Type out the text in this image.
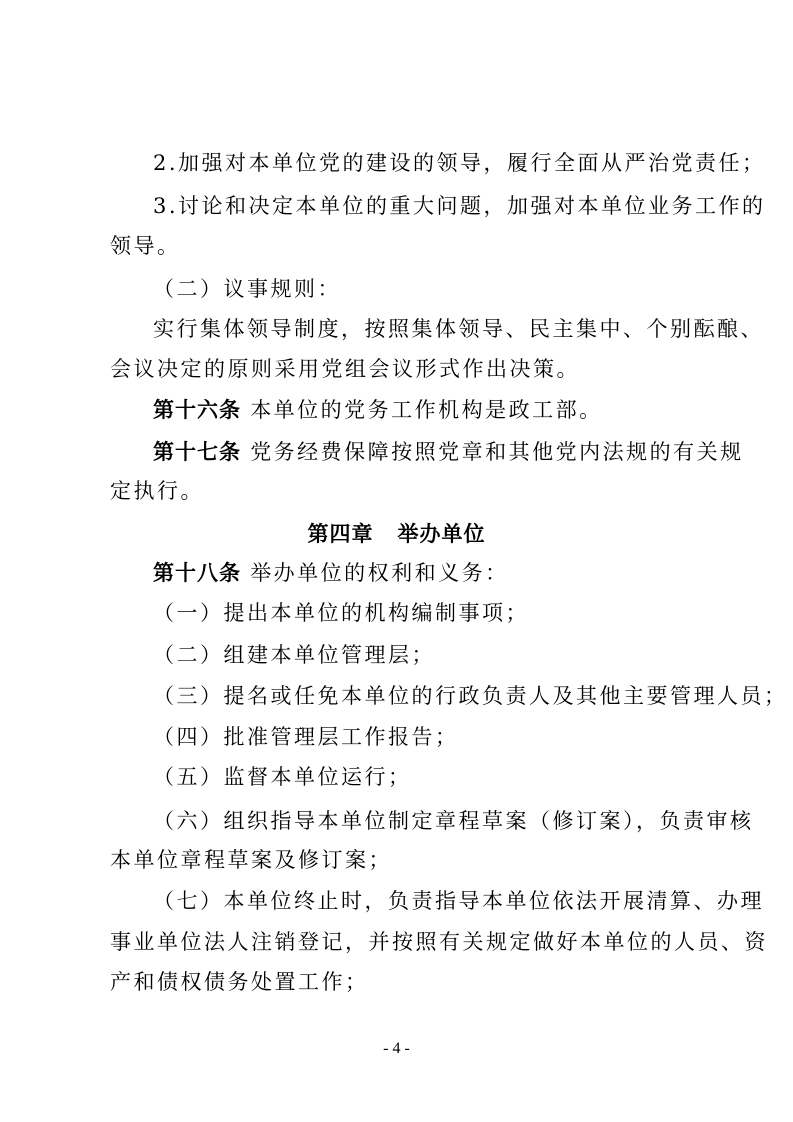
2.加强对本单位党的建设的领导，履行全面从严治党责任；
3.讨论和决定本单位的重大问题，加强对本单位业务工作的
领导。
（二）议事规则：
实行集体领导制度，按照集体领导、民主集中、个别酝酿、
会议决定的原则采用党组会议形式作出决策。
第十六条 本单位的党务工作机构是政工部。
第十七条 党务经费保障按照党章和其他党内法规的有关规
定执行。
第四章 举办单位
第十八条 举办单位的权利和义务：
（一）提出本单位的机构编制事项；
（二）组建本单位管理层；
（三）提名或任免本单位的行政负责人及其他主要管理人员；
（四）批准管理层工作报告；
（五）监督本单位运行；
（六）组织指导本单位制定章程草案（修订案），负责审核
本单位章程草案及修订案；
（七）本单位终止时，负责指导本单位依法开展清算、办理
事业单位法人注销登记，并按照有关规定做好本单位的人员、资
产和债权债务处置工作；
- 4 -
